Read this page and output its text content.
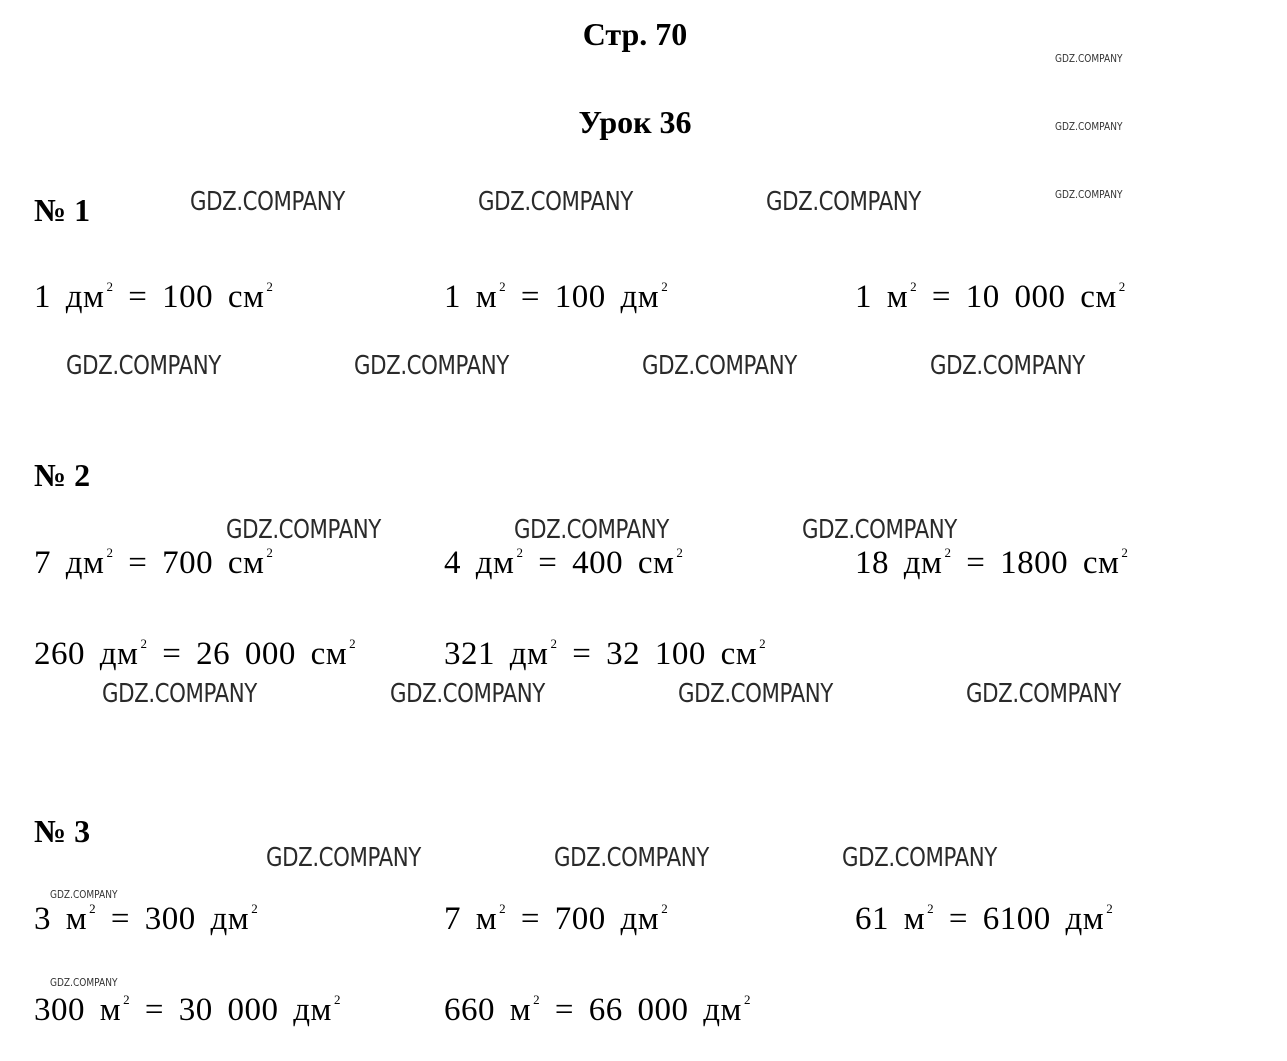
Стр. 70
Урок 36
№ 1
1 дм $^2$ = 100 см $^2$	1 м $^2$ = 100 дм $^2$	1 м $^2$ = 10 000 см $^2$
№ 2
7 дм $^2$ = 700 см $^2$	4 дм $^2$ = 400 см $^2$	18 дм $^2$ = 1800 см $^2$
260 дм $^2$ = 26 000 см $^2$	321 дм $^2$ = 32 100 см $^2$
№ 3
3 м $^2$ = 300 дм $^2$	7 м $^2$ = 700 дм $^2$	61 м $^2$ = 6100 дм $^2$
300 м $^2$ = 30 000 дм $^2$	660 м $^2$ = 66 000 дм $^2$
GDZ.COMPANY
GDZ.COMPANY
GDZ.COMPANY
GDZ.COMPANY	GDZ.COMPANY	GDZ.COMPANY
GDZ.COMPANY	GDZ.COMPANY	GDZ.COMPANY	GDZ.COMPANY
GDZ.COMPANY	GDZ.COMPANY	GDZ.COMPANY
GDZ.COMPANY	GDZ.COMPANY	GDZ.COMPANY	GDZ.COMPANY
GDZ.COMPANY	GDZ.COMPANY	GDZ.COMPANY
GDZ.COMPANY
GDZ.COMPANY
